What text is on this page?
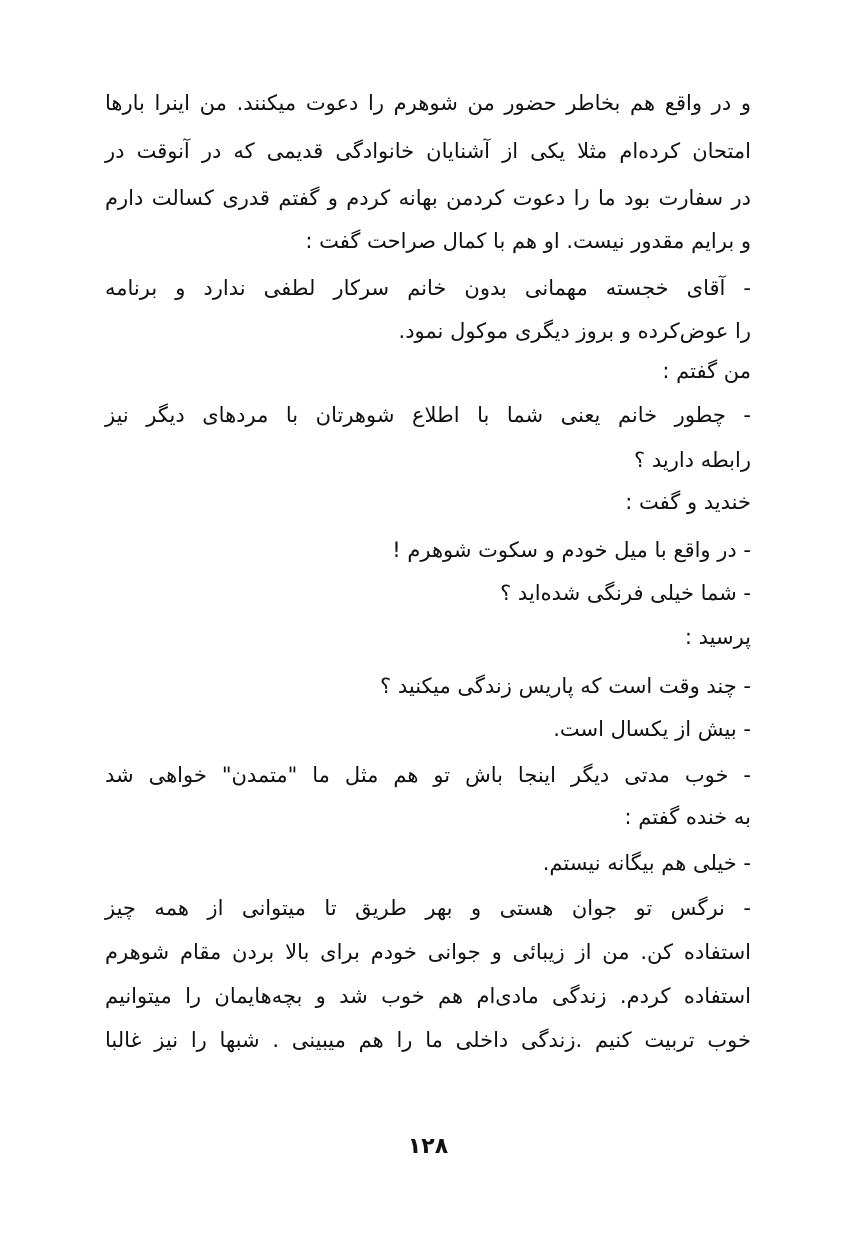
و در واقع هم بخاطر حضور من شوهرم را دعوت میکنند. من اینرا بارها
امتحان کرده‌ام مثلا یکی از آشنایان خانوادگی قدیمی که در آنوقت در
در سفارت بود ما را دعوت کردمن بهانه کردم و گفتم قدری کسالت دارم
و برایم مقدور نیست. او هم با کمال صراحت گفت :
- آقای خجسته مهمانی بدون خانم سرکار لطفی ندارد و برنامه
را عوض‌کرده و بروز دیگری موکول نمود.
من گفتم :
- چطور خانم یعنی شما با اطلاع شوهرتان با مردهای دیگر نیز
رابطه دارید ؟
خندید و گفت :
- در واقع با میل خودم و سکوت شوهرم !
- شما خیلی فرنگی شده‌اید ؟
پرسید :
- چند وقت است که پاریس زندگی میکنید ؟
- بیش از یکسال است.
- خوب مدتی دیگر اینجا باش تو هم مثل ما "متمدن" خواهی شد
به خنده گفتم :
- خیلی هم بیگانه نیستم.
- نرگس تو جوان هستی و بهر طریق تا میتوانی از همه چیز
استفاده کن. من از زیبائی و جوانی خودم برای بالا بردن مقام شوهرم
استفاده کردم. زندگی مادی‌ام هم خوب شد و بچه‌هایمان را میتوانیم
خوب تربیت کنیم .زندگی داخلی ما را هم میبینی . شبها را نیز غالبا
۱۲۸
